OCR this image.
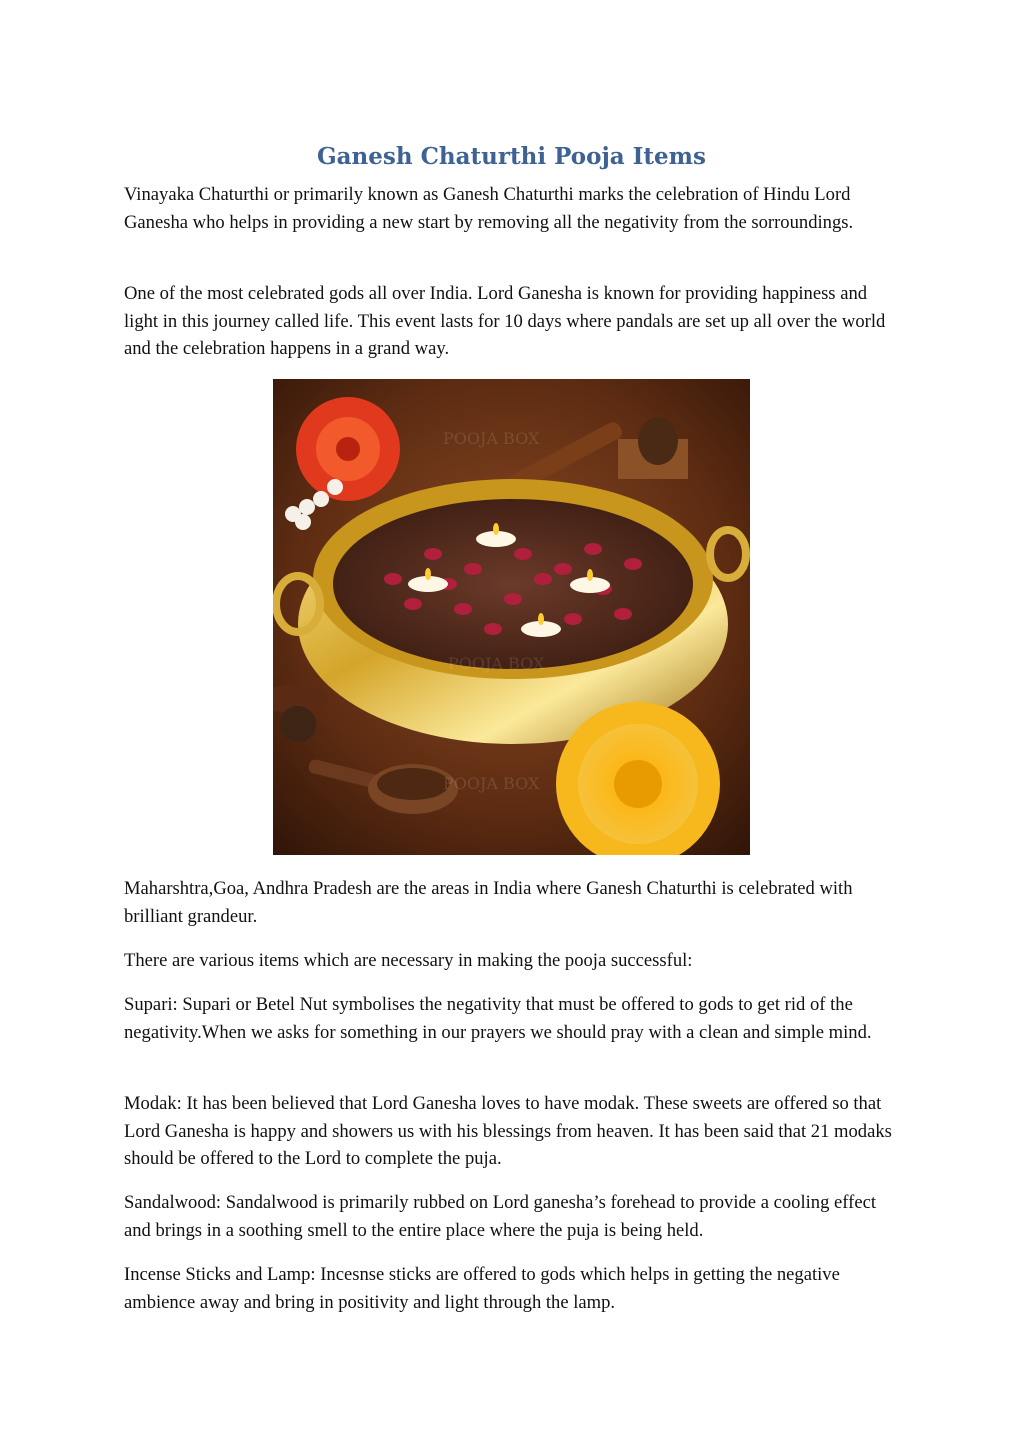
Ganesh Chaturthi Pooja Items

Vinayaka Chaturthi or primarily known as Ganesh Chaturthi marks the celebration of Hindu Lord Ganesha who helps in providing a new start by removing all the negativity from the sorroundings.

One of the most celebrated gods all over India. Lord Ganesha is known for providing happiness and light in this journey called life. This event lasts for 10 days where pandals are set up all over the world and the celebration happens in a grand way.

POOJA BOX
POOJA BOX
POOJA BOX

Maharshtra,Goa, Andhra Pradesh are the areas in India where Ganesh Chaturthi is celebrated with brilliant grandeur.

There are various items which are necessary in making the pooja successful:

Supari: Supari or Betel Nut symbolises the negativity that must be offered to gods to get rid of the negativity.When we asks for something in our prayers we should pray with a clean and simple mind.

Modak: It has been believed that Lord Ganesha loves to have modak. These sweets are offered so that Lord Ganesha is happy and showers us with his blessings from heaven. It has been said that 21 modaks should be offered to the Lord to complete the puja.

Sandalwood: Sandalwood is primarily rubbed on Lord ganesha’s forehead to provide a cooling effect and brings in a soothing smell to the entire place where the puja is being held.

Incense Sticks and Lamp: Incesnse sticks are offered to gods which helps in getting the negative ambience away and bring in positivity and light through the lamp.
